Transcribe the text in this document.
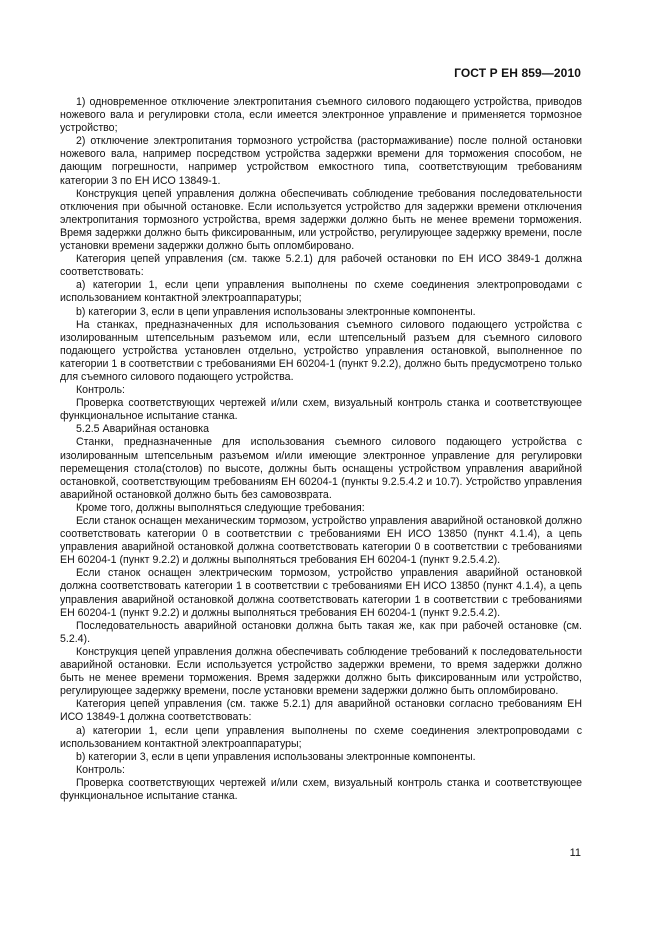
ГОСТ Р ЕН 859—2010

1) одновременное отключение электропитания съемного силового подающего устройства, приводов ножевого вала и регулировки стола, если имеется электронное управление и применяется тормозное устройство;

2) отключение электропитания тормозного устройства (растормаживание) после полной остановки ножевого вала, например посредством устройства задержки времени для торможения способом, не дающим погрешности, например устройством емкостного типа, соответствующим требованиям категории 3 по ЕН ИСО 13849-1.

Конструкция цепей управления должна обеспечивать соблюдение требования последовательности отключения при обычной остановке. Если используется устройство для задержки времени отключения электропитания тормозного устройства, время задержки должно быть не менее времени торможения. Время задержки должно быть фиксированным, или устройство, регулирующее задержку времени, после установки времени задержки должно быть опломбировано.

Категория цепей управления (см. также 5.2.1) для рабочей остановки по ЕН ИСО 3849-1 должна соответствовать:

a) категории 1, если цепи управления выполнены по схеме соединения электропроводами с использованием контактной электроаппаратуры;

b) категории 3, если в цепи управления использованы электронные компоненты.

На станках, предназначенных для использования съемного силового подающего устройства с изолированным штепсельным разъемом или, если штепсельный разъем для съемного силового подающего устройства установлен отдельно, устройство управления остановкой, выполненное по категории 1 в соответствии с требованиями ЕН 60204-1 (пункт 9.2.2), должно быть предусмотрено только для съемного силового подающего устройства.

Контроль:

Проверка соответствующих чертежей и/или схем, визуальный контроль станка и соответствующее функциональное испытание станка.

5.2.5 Аварийная остановка

Станки, предназначенные для использования съемного силового подающего устройства с изолированным штепсельным разъемом и/или имеющие электронное управление для регулировки перемещения стола(столов) по высоте, должны быть оснащены устройством управления аварийной остановкой, соответствующим требованиям ЕН 60204-1 (пункты 9.2.5.4.2 и 10.7). Устройство управления аварийной остановкой должно быть без самовозврата.

Кроме того, должны выполняться следующие требования:

Если станок оснащен механическим тормозом, устройство управления аварийной остановкой должно соответствовать категории 0 в соответствии с требованиями ЕН ИСО 13850 (пункт 4.1.4), а цепь управления аварийной остановкой должна соответствовать категории 0 в соответствии с требованиями ЕН 60204-1 (пункт 9.2.2) и должны выполняться требования ЕН 60204-1 (пункт 9.2.5.4.2).

Если станок оснащен электрическим тормозом, устройство управления аварийной остановкой должна соответствовать категории 1 в соответствии с требованиями ЕН ИСО 13850 (пункт 4.1.4), а цепь управления аварийной остановкой должна соответствовать категории 1 в соответствии с требованиями ЕН 60204-1 (пункт 9.2.2) и должны выполняться требования ЕН 60204-1 (пункт 9.2.5.4.2).

Последовательность аварийной остановки должна быть такая же, как при рабочей остановке (см. 5.2.4).

Конструкция цепей управления должна обеспечивать соблюдение требований к последовательности аварийной остановки. Если используется устройство задержки времени, то время задержки должно быть не менее времени торможения. Время задержки должно быть фиксированным или устройство, регулирующее задержку времени, после установки времени задержки должно быть опломбировано.

Категория цепей управления (см. также 5.2.1) для аварийной остановки согласно требованиям ЕН ИСО 13849-1 должна соответствовать:

a) категории 1, если цепи управления выполнены по схеме соединения электропроводами с использованием контактной электроаппаратуры;

b) категории 3, если в цепи управления использованы электронные компоненты.

Контроль:

Проверка соответствующих чертежей и/или схем, визуальный контроль станка и соответствующее функциональное испытание станка.

11
